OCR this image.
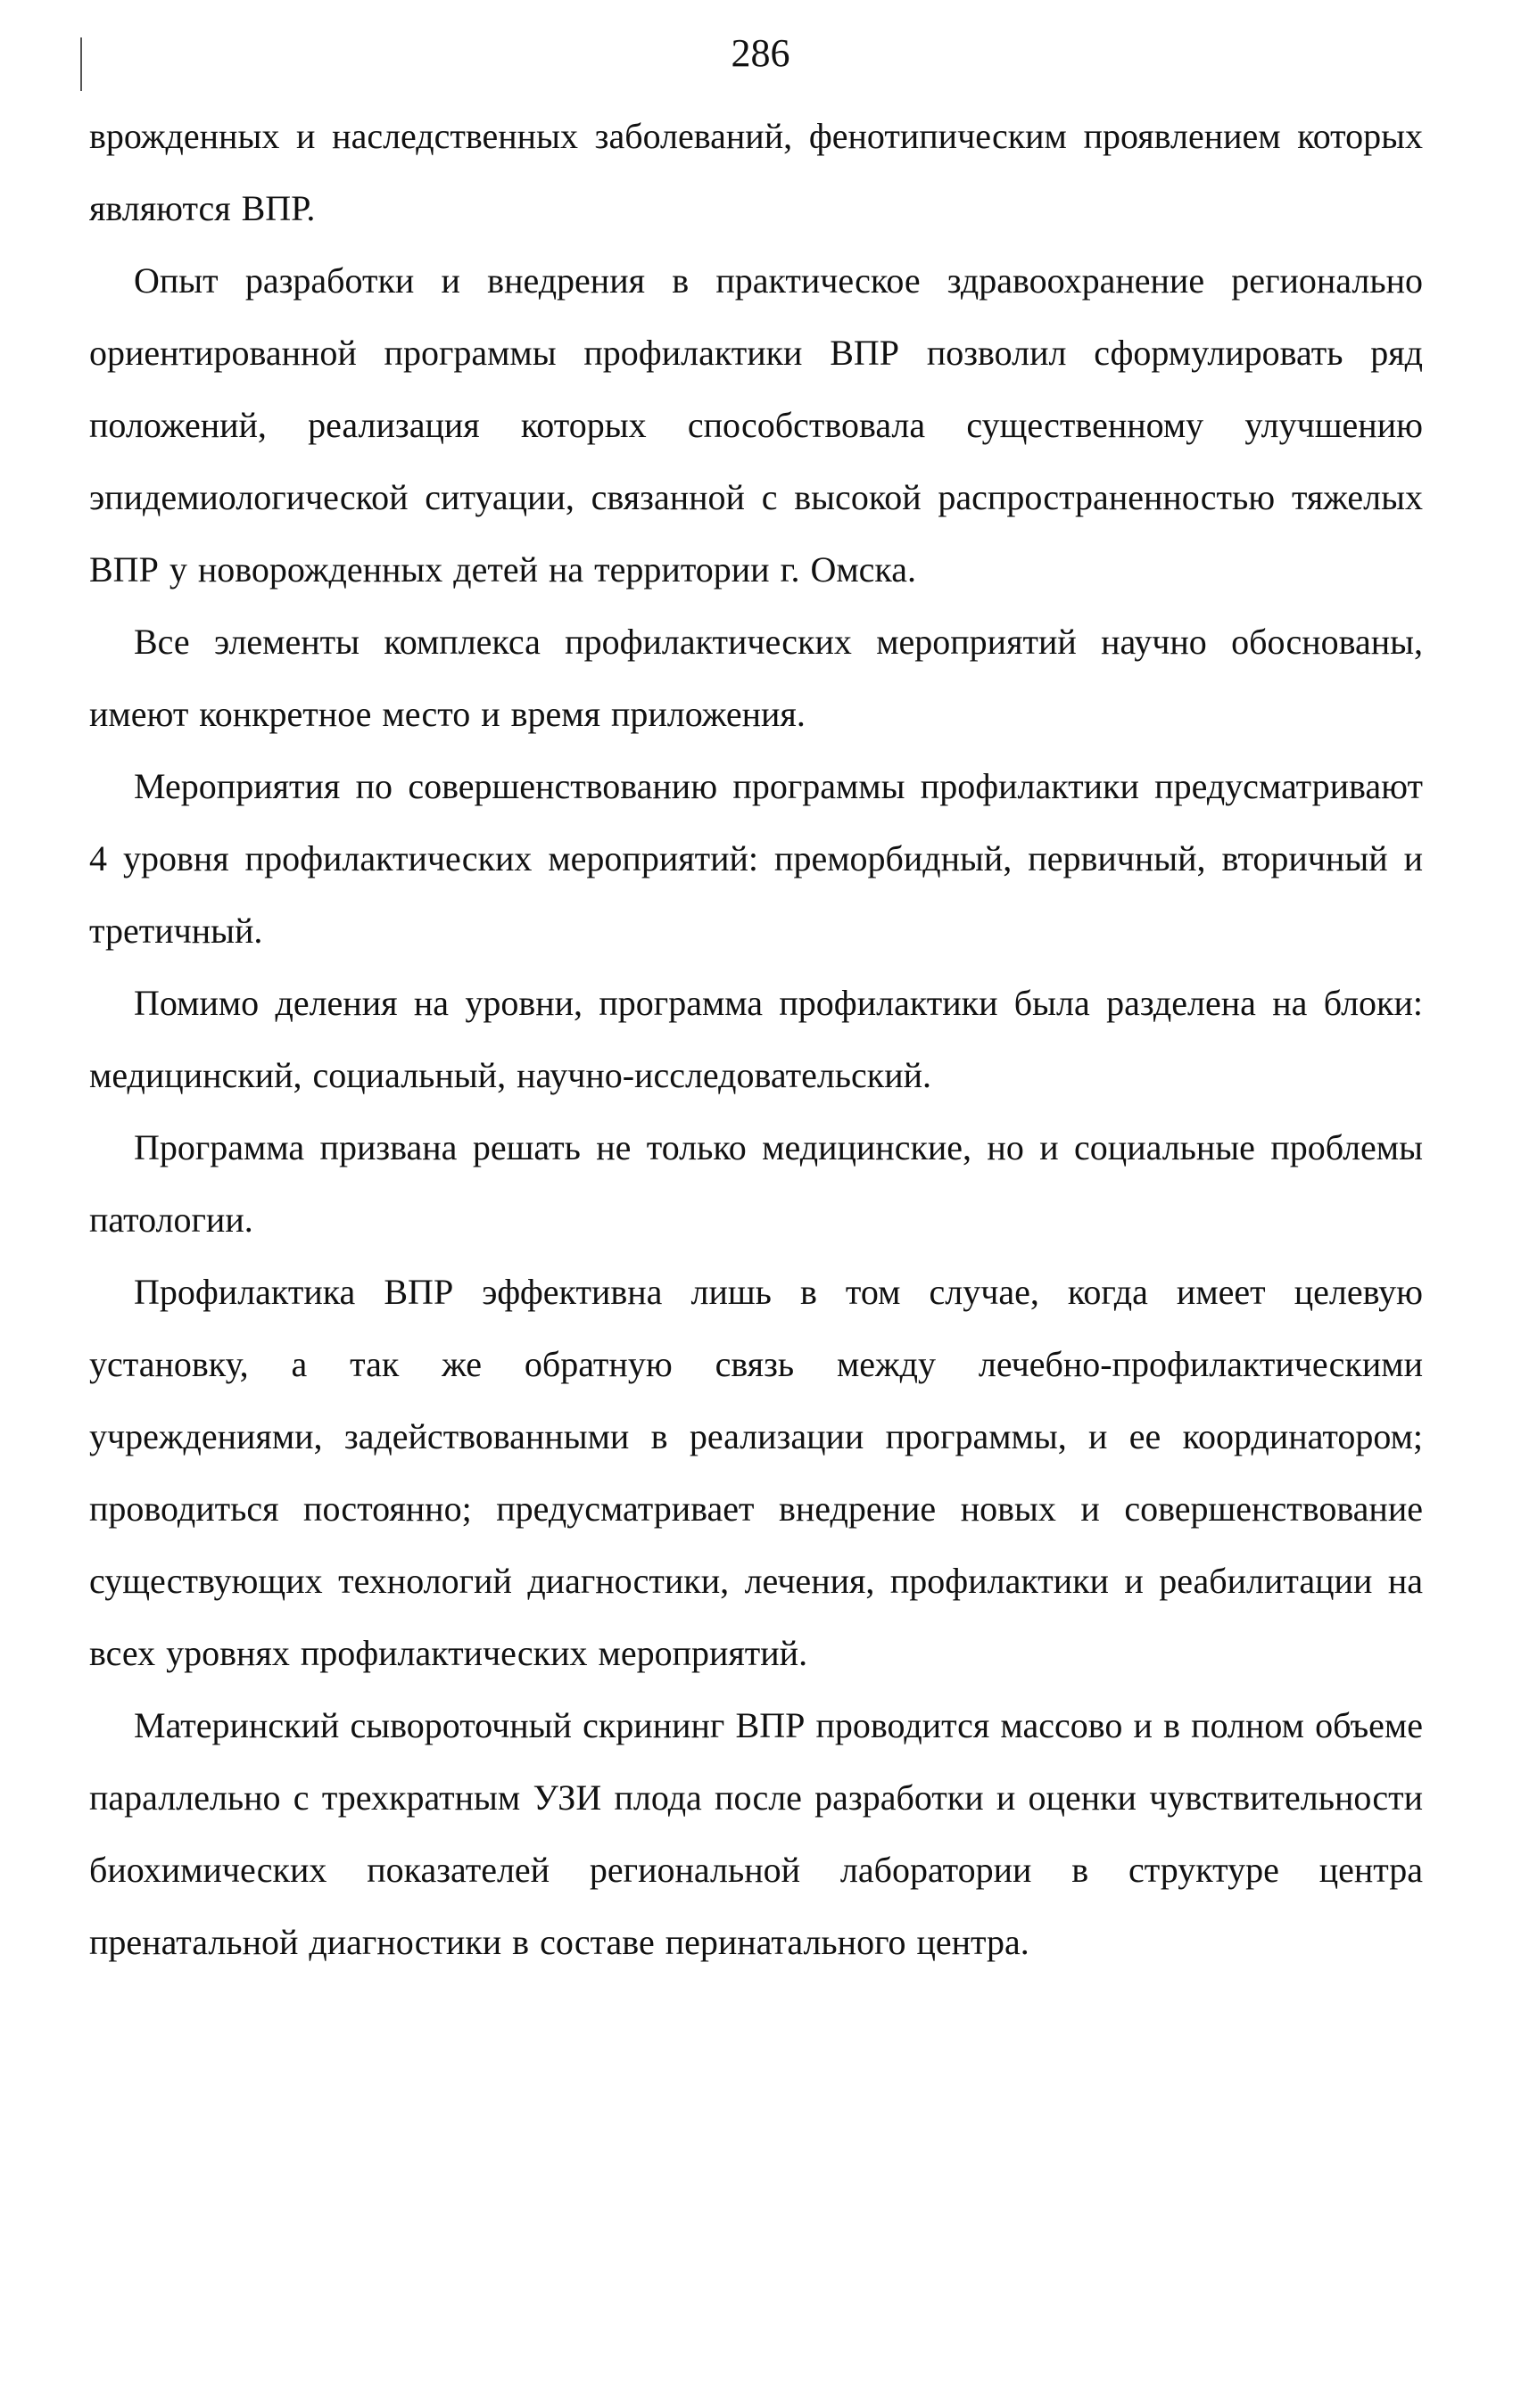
286

врожденных и наследственных заболеваний, фенотипическим проявлением которых являются ВПР.

Опыт разработки и внедрения в практическое здравоохранение регионально ориентированной программы профилактики ВПР позволил сформулировать ряд положений, реализация которых способствовала существенному улучшению эпидемиологической ситуации, связанной с высокой распространенностью тяжелых ВПР у новорожденных детей на территории г. Омска.

Все элементы комплекса профилактических мероприятий научно обоснованы, имеют конкретное место и время приложения.

Мероприятия по совершенствованию программы профилактики предусматривают 4 уровня профилактических мероприятий: преморбидный, первичный, вторичный и третичный.

Помимо деления на уровни, программа профилактики была разделена на блоки: медицинский, социальный, научно-исследовательский.

Программа призвана решать не только медицинские, но и социальные проблемы патологии.

Профилактика ВПР эффективна лишь в том случае, когда имеет целевую установку, а так же обратную связь между лечебно-профилактическими учреждениями, задействованными в реализации программы, и ее координатором; проводиться постоянно; предусматривает внедрение новых и совершенствование существующих технологий диагностики, лечения, профилактики и реабилитации на всех уровнях профилактических мероприятий.

Материнский сывороточный скрининг ВПР проводится массово и в полном объеме параллельно с трехкратным УЗИ плода после разработки и оценки чувствительности биохимических показателей региональной лаборатории в структуре центра пренатальной диагностики в составе перинатального центра.
